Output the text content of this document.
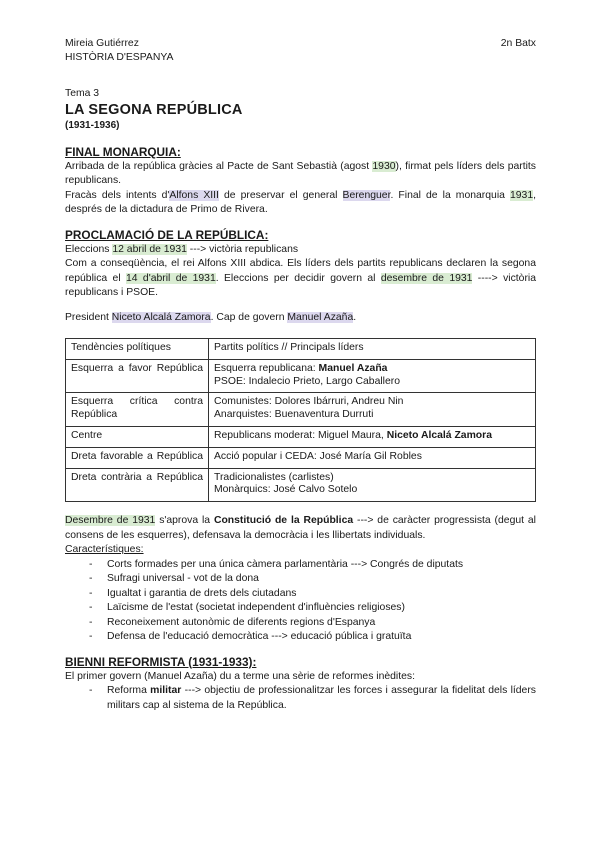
Mireia Gutiérrez
HISTÒRIA D'ESPANYA
2n Batx
Tema 3
LA SEGONA REPÚBLICA
(1931-1936)
FINAL MONARQUIA:
Arribada de la república gràcies al Pacte de Sant Sebastià (agost 1930), firmat pels líders dels partits republicans.
Fracàs dels intents d'Alfons XIII de preservar el general Berenguer. Final de la monarquia 1931, després de la dictadura de Primo de Rivera.
PROCLAMACIÓ DE LA REPÚBLICA:
Eleccions 12 abril de 1931 ---> victòria republicans
Com a conseqüència, el rei Alfons XIII abdica. Els líders dels partits republicans declaren la segona república el 14 d'abril de 1931. Eleccions per decidir govern al desembre de 1931 ----> victòria republicans i PSOE.
President Niceto Alcalá Zamora. Cap de govern Manuel Azaña.
Tendències polítiques	Partits polítics // Principals líders

Esquerra a favor República	Esquerra republicana: Manuel Azaña
PSOE: Indalecio Prieto, Largo Caballero

Esquerra crítica contra República	Comunistes: Dolores Ibárruri, Andreu Nin
Anarquistes: Buenaventura Durruti

Centre	Republicans moderat: Miguel Maura, Niceto Alcalá Zamora

Dreta favorable a República	Acció popular i CEDA: José María Gil Robles

Dreta contrària a República	Tradicionalistes (carlistes)
Monàrquics: José Calvo Sotelo
Desembre de 1931 s'aprova la Constitució de la República ---> de caràcter progressista (degut al consens de les esquerres), defensava la democràcia i les llibertats individuals.
Característiques:
- Corts formades per una única càmera parlamentària ---> Congrés de diputats
- Sufragi universal - vot de la dona
- Igualtat i garantia de drets dels ciutadans
- Laïcisme de l'estat (societat independent d'influències religioses)
- Reconeixement autonòmic de diferents regions d'Espanya
- Defensa de l'educació democràtica ---> educació pública i gratuïta
BIENNI REFORMISTA (1931-1933):
El primer govern (Manuel Azaña) du a terme una sèrie de reformes inèdites:
- Reforma militar ---> objectiu de professionalitzar les forces i assegurar la fidelitat dels líders militars cap al sistema de la República.
